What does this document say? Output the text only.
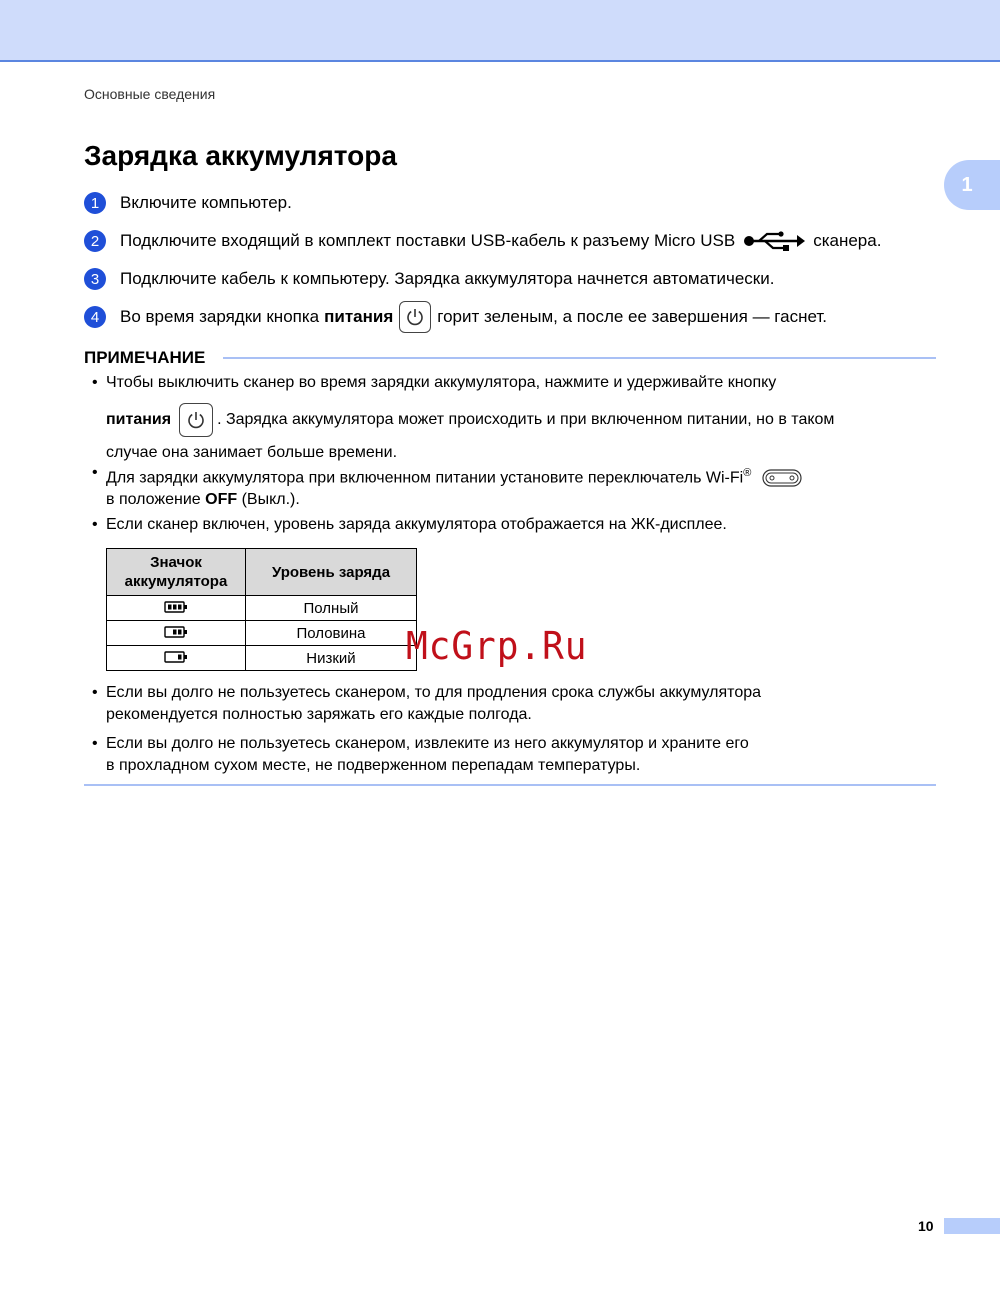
Основные сведения
1
Зарядка аккумулятора
1	Включите компьютер.
2	Подключите входящий в комплект поставки USB-кабель к разъему Micro USB	сканера.
3	Подключите кабель к компьютеру. Зарядка аккумулятора начнется автоматически.
4	Во время зарядки кнопка питания	горит зеленым, а после ее завершения — гаснет.
ПРИМЕЧАНИЕ
• Чтобы выключить сканер во время зарядки аккумулятора, нажмите и удерживайте кнопку
питания	. Зарядка аккумулятора может происходить и при включенном питании, но в таком
случае она занимает больше времени.
• Для зарядки аккумулятора при включенном питании установите переключатель Wi-Fi®
в положение OFF (Выкл.).
• Если сканер включен, уровень заряда аккумулятора отображается на ЖК-дисплее.
Значок аккумулятора	Уровень заряда
	Полный
	Половина
	Низкий McGrp.Ru
• Если вы долго не пользуетесь сканером, то для продления срока службы аккумулятора
рекомендуется полностью заряжать его каждые полгода.
• Если вы долго не пользуетесь сканером, извлеките из него аккумулятор и храните его
в прохладном сухом месте, не подверженном перепадам температуры.
10
